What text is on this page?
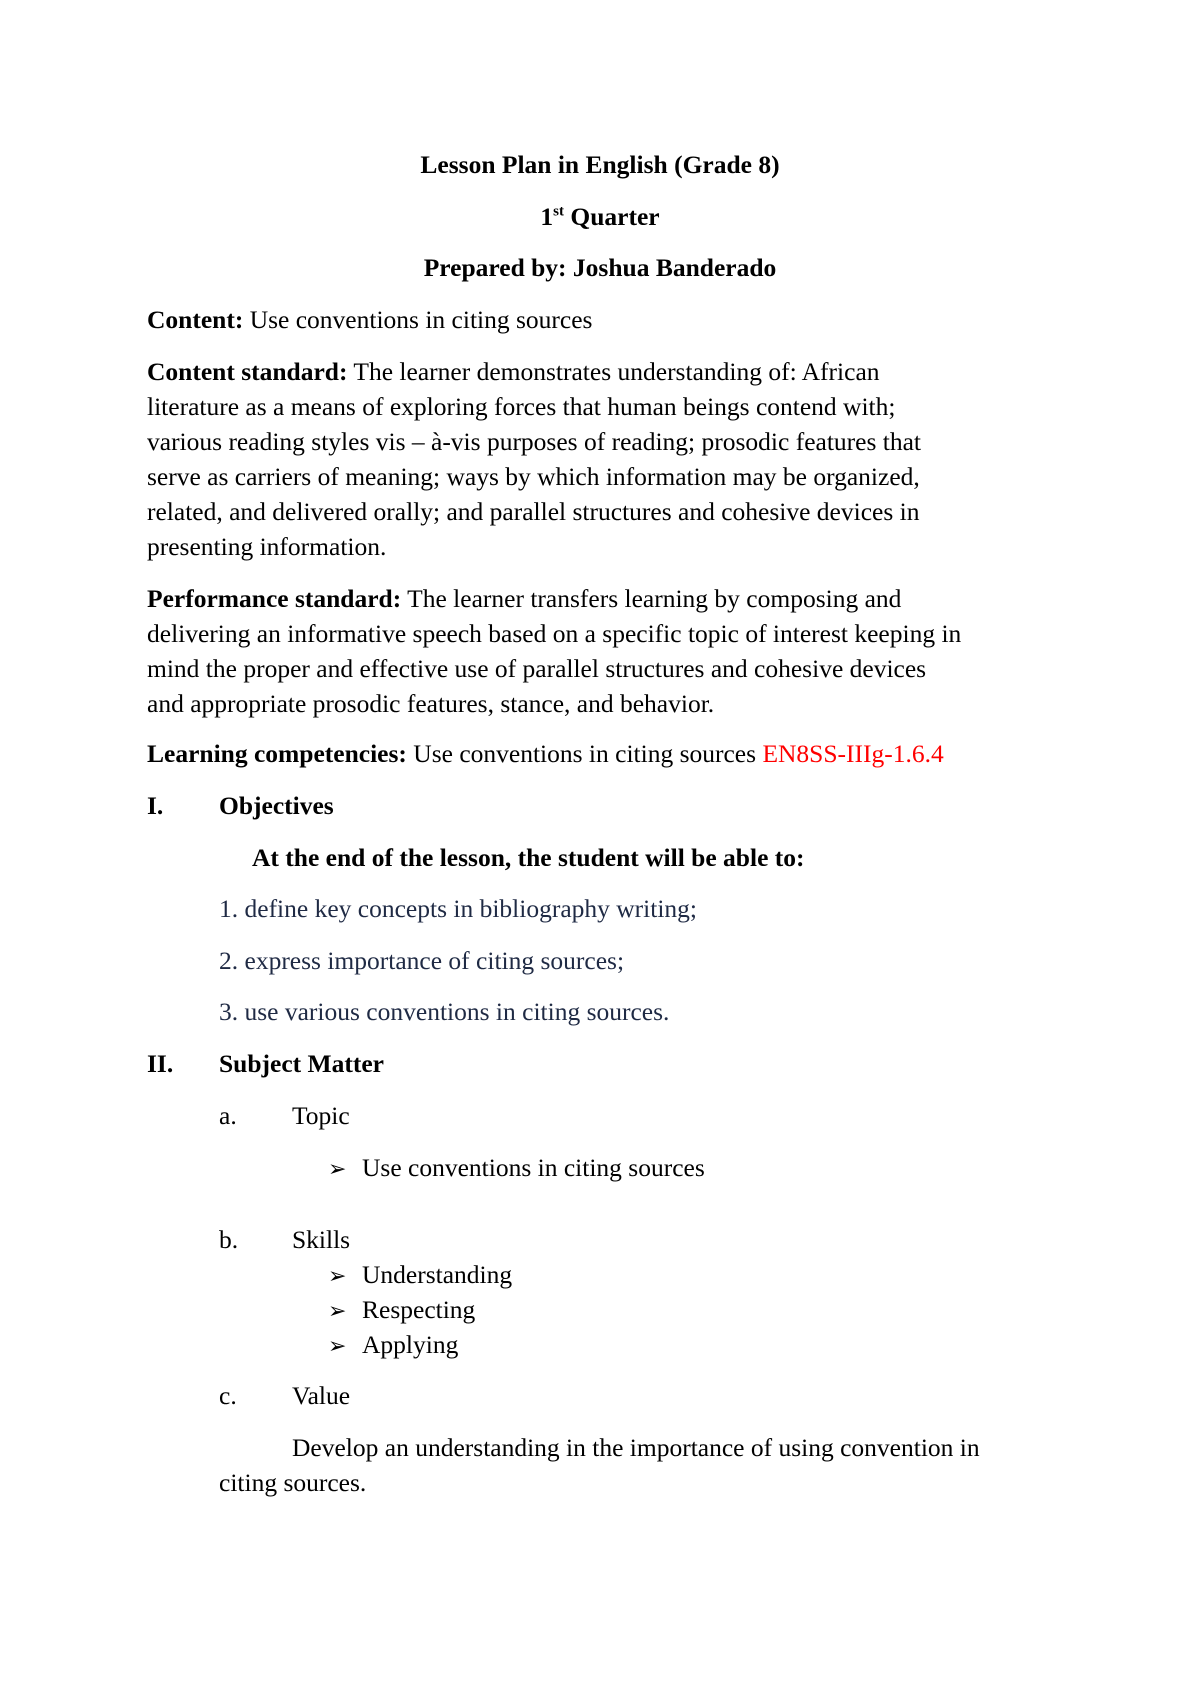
Lesson Plan in English (Grade 8)
1st Quarter
Prepared by: Joshua Banderado
Content: Use conventions in citing sources
Content standard: The learner demonstrates understanding of: African
literature as a means of exploring forces that human beings contend with;
various reading styles vis – à-vis purposes of reading; prosodic features that
serve as carriers of meaning; ways by which information may be organized,
related, and delivered orally; and parallel structures and cohesive devices in
presenting information.
Performance standard: The learner transfers learning by composing and
delivering an informative speech based on a specific topic of interest keeping in
mind the proper and effective use of parallel structures and cohesive devices
and appropriate prosodic features, stance, and behavior.
Learning competencies: Use conventions in citing sources EN8SS-IIIg-1.6.4
I. Objectives
At the end of the lesson, the student will be able to:
1. define key concepts in bibliography writing;
2. express importance of citing sources;
3. use various conventions in citing sources.
II. Subject Matter
a. Topic
➢ Use conventions in citing sources
b. Skills
➢ Understanding
➢ Respecting
➢ Applying
c. Value
Develop an understanding in the importance of using convention in
citing sources.
